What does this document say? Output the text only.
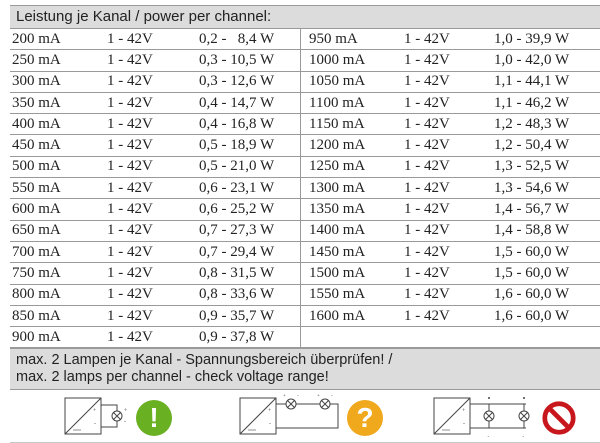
Leistung je Kanal / power per channel:
200 mA	1 - 42V	0,2 -   8,4 W
250 mA	1 - 42V	0,3 - 10,5 W
300 mA	1 - 42V	0,3 - 12,6 W
350 mA	1 - 42V	0,4 - 14,7 W
400 mA	1 - 42V	0,4 - 16,8 W
450 mA	1 - 42V	0,5 - 18,9 W
500 mA	1 - 42V	0,5 - 21,0 W
550 mA	1 - 42V	0,6 - 23,1 W
600 mA	1 - 42V	0,6 - 25,2 W
650 mA	1 - 42V	0,7 - 27,3 W
700 mA	1 - 42V	0,7 - 29,4 W
750 mA	1 - 42V	0,8 - 31,5 W
800 mA	1 - 42V	0,8 - 33,6 W
850 mA	1 - 42V	0,9 - 35,7 W
900 mA	1 - 42V	0,9 - 37,8 W
950 mA	1 - 42V	1,0 - 39,9 W
1000 mA	1 - 42V	1,0 - 42,0 W
1050 mA	1 - 42V	1,1 - 44,1 W
1100 mA	1 - 42V	1,1 - 46,2 W
1150 mA	1 - 42V	1,2 - 48,3 W
1200 mA	1 - 42V	1,2 - 50,4 W
1250 mA	1 - 42V	1,3 - 52,5 W
1300 mA	1 - 42V	1,3 - 54,6 W
1350 mA	1 - 42V	1,4 - 56,7 W
1400 mA	1 - 42V	1,4 - 58,8 W
1450 mA	1 - 42V	1,5 - 60,0 W
1500 mA	1 - 42V	1,5 - 60,0 W
1550 mA	1 - 42V	1,6 - 60,0 W
1600 mA	1 - 42V	1,6 - 60,0 W
max. 2 Lampen je Kanal - Spannungsbereich überprüfen! /
max. 2 lamps per channel - check voltage range!
+
-
+
- !	+
-
+ -	+ -
?	+
-
-	-
